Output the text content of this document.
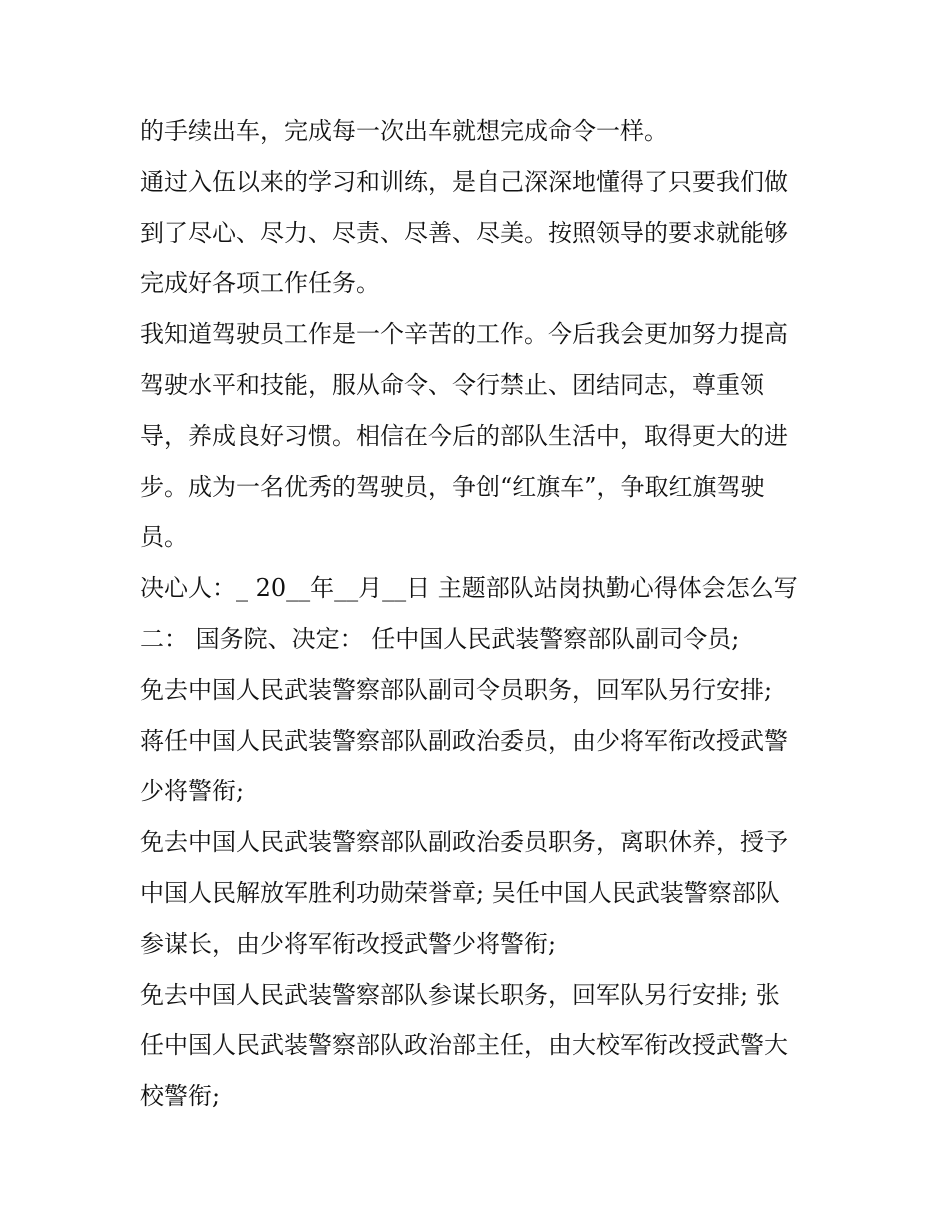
的手续出车，完成每一次出车就想完成命令一样。
通过入伍以来的学习和训练，是自己深深地懂得了只要我们做
到了尽心、尽力、尽责、尽善、尽美。按照领导的要求就能够
完成好各项工作任务。
我知道驾驶员工作是一个辛苦的工作。今后我会更加努力提高
驾驶水平和技能，服从命令、令行禁止、团结同志，尊重领
导，养成良好习惯。相信在今后的部队生活中，取得更大的进
步。成为一名优秀的驾驶员，争创“红旗车”，争取红旗驾驶
员。
决心人：_ 20__年__月__日 主题部队站岗执勤心得体会怎么写
二： 国务院、决定： 任中国人民武装警察部队副司令员;
免去中国人民武装警察部队副司令员职务，回军队另行安排;
蒋任中国人民武装警察部队副政治委员，由少将军衔改授武警
少将警衔;
免去中国人民武装警察部队副政治委员职务，离职休养，授予
中国人民解放军胜利功勋荣誉章; 吴任中国人民武装警察部队
参谋长，由少将军衔改授武警少将警衔;
免去中国人民武装警察部队参谋长职务，回军队另行安排; 张
任中国人民武装警察部队政治部主任，由大校军衔改授武警大
校警衔;
